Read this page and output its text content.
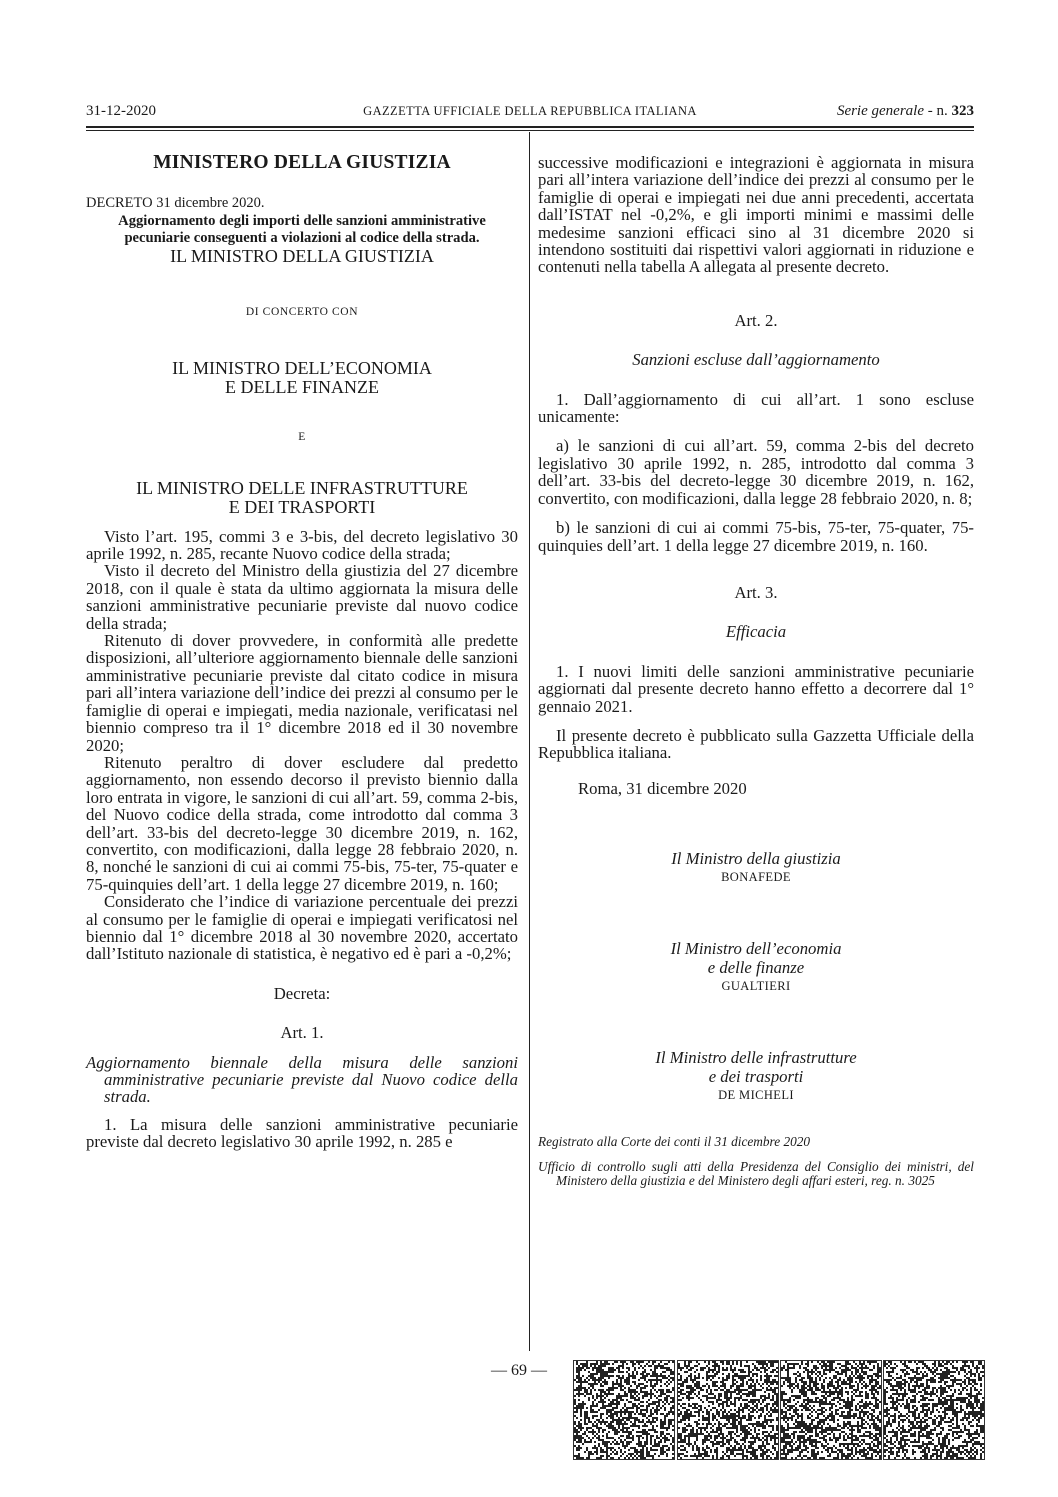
31-12-2020	GAZZETTA UFFICIALE DELLA REPUBBLICA ITALIANA	Serie generale - n. 323
MINISTERO DELLA GIUSTIZIA

DECRETO 31 dicembre 2020.

Aggiornamento degli importi delle sanzioni amministrative pecuniarie conseguenti a violazioni al codice della strada.

IL MINISTRO DELLA GIUSTIZIA

DI CONCERTO CON

IL MINISTRO DELL’ECONOMIA

E DELLE FINANZE

E

IL MINISTRO DELLE INFRASTRUTTURE

E DEI TRASPORTI

Visto l’art. 195, commi 3 e 3-bis, del decreto legislativo 30 aprile 1992, n. 285, recante Nuovo codice della strada;

Visto il decreto del Ministro della giustizia del 27 dicembre 2018, con il quale è stata da ultimo aggiornata la misura delle sanzioni amministrative pecuniarie previste dal nuovo codice della strada;

Ritenuto di dover provvedere, in conformità alle predette disposizioni, all’ulteriore aggiornamento biennale delle sanzioni amministrative pecuniarie previste dal citato codice in misura pari all’intera variazione dell’indice dei prezzi al consumo per le famiglie di operai e impiegati, media nazionale, verificatasi nel biennio compreso tra il 1° dicembre 2018 ed il 30 novembre 2020;

Ritenuto peraltro di dover escludere dal predetto aggiornamento, non essendo decorso il previsto biennio dalla loro entrata in vigore, le sanzioni di cui all’art. 59, comma 2-bis, del Nuovo codice della strada, come introdotto dal comma 3 dell’art. 33-bis del decreto-legge 30 dicembre 2019, n. 162, convertito, con modificazioni, dalla legge 28 febbraio 2020, n. 8, nonché le sanzioni di cui ai commi 75-bis, 75-ter, 75-quater e 75-quinquies dell’art. 1 della legge 27 dicembre 2019, n. 160;

Considerato che l’indice di variazione percentuale dei prezzi al consumo per le famiglie di operai e impiegati verificatosi nel biennio dal 1° dicembre 2018 al 30 novembre 2020, accertato dall’Istituto nazionale di statistica, è negativo ed è pari a -0,2%;

Decreta:

Art. 1.

Aggiornamento biennale della misura delle sanzioni amministrative pecuniarie previste dal Nuovo codice della strada.

1. La misura delle sanzioni amministrative pecuniarie previste dal decreto legislativo 30 aprile 1992, n. 285 e

successive modificazioni e integrazioni è aggiornata in misura pari all’intera variazione dell’indice dei prezzi al consumo per le famiglie di operai e impiegati nei due anni precedenti, accertata dall’ISTAT nel -0,2%, e gli importi minimi e massimi delle medesime sanzioni efficaci sino al 31 dicembre 2020 si intendono sostituiti dai rispettivi valori aggiornati in riduzione e contenuti nella tabella A allegata al presente decreto.

Art. 2.

Sanzioni escluse dall’aggiornamento

1. Dall’aggiornamento di cui all’art. 1 sono escluse unicamente:

a) le sanzioni di cui all’art. 59, comma 2-bis del decreto legislativo 30 aprile 1992, n. 285, introdotto dal comma 3 dell’art. 33-bis del decreto-legge 30 dicembre 2019, n. 162, convertito, con modificazioni, dalla legge 28 febbraio 2020, n. 8;

b) le sanzioni di cui ai commi 75-bis, 75-ter, 75-quater, 75-quinquies dell’art. 1 della legge 27 dicembre 2019, n. 160.

Art. 3.

Efficacia

1. I nuovi limiti delle sanzioni amministrative pecuniarie aggiornati dal presente decreto hanno effetto a decorrere dal 1° gennaio 2021.

Il presente decreto è pubblicato sulla Gazzetta Ufficiale della Repubblica italiana.

Roma, 31 dicembre 2020

Il Ministro della giustizia
BONAFEDE
Il Ministro dell’economia
e delle finanze
GUALTIERI
Il Ministro delle infrastrutture
e dei trasporti
DE MICHELI

Registrato alla Corte dei conti il 31 dicembre 2020

Ufficio di controllo sugli atti della Presidenza del Consiglio dei ministri, del Ministero della giustizia e del Ministero degli affari esteri, reg. n. 3025

— 69 —
